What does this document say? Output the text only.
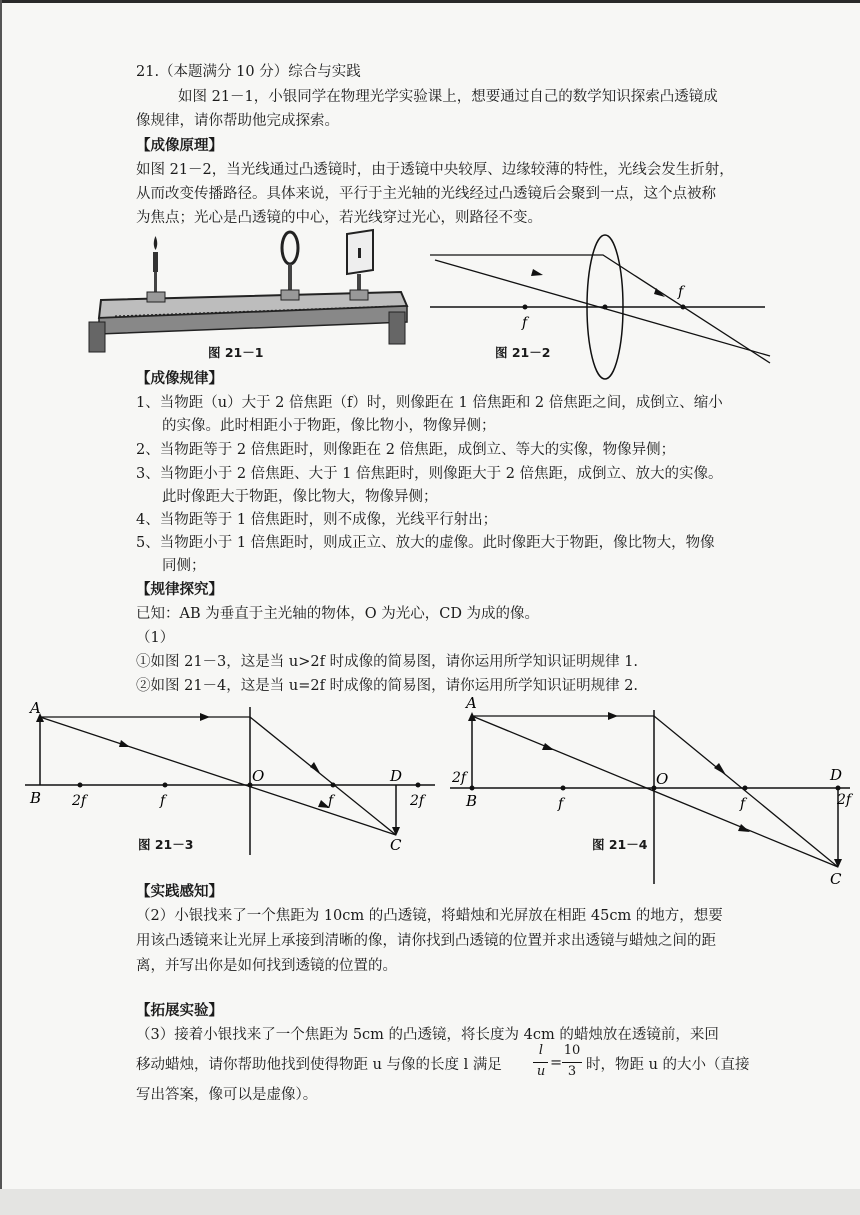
21.（本题满分 10 分）综合与实践
如图 21－1，小银同学在物理光学实验课上，想要通过自己的数学知识探索凸透镜成
像规律，请你帮助他完成探索。
【成像原理】
如图 21－2，当光线通过凸透镜时，由于透镜中央较厚、边缘较薄的特性，光线会发生折射，
从而改变传播路径。具体来说，平行于主光轴的光线经过凸透镜后会聚到一点，这个点被称
为焦点；光心是凸透镜的中心，若光线穿过光心，则路径不变。
图 21－1
f
f
图 21－2
【成像规律】
1、当物距（u）大于 2 倍焦距（f）时，则像距在 1 倍焦距和 2 倍焦距之间，成倒立、缩小
的实像。此时相距小于物距，像比物小，物像异侧；
2、当物距等于 2 倍焦距时，则像距在 2 倍焦距，成倒立、等大的实像，物像异侧；
3、当物距小于 2 倍焦距、大于 1 倍焦距时，则像距大于 2 倍焦距，成倒立、放大的实像。
此时像距大于物距，像比物大，物像异侧；
4、当物距等于 1 倍焦距时，则不成像，光线平行射出；
5、当物距小于 1 倍焦距时，则成正立、放大的虚像。此时像距大于物距，像比物大，物像
同侧；
【规律探究】
已知：AB 为垂直于主光轴的物体，O 为光心，CD 为成的像。
（1）
①如图 21－3，这是当 u>2f 时成像的简易图，请你运用所学知识证明规律 1.
②如图 21－4，这是当 u=2f 时成像的简易图，请你运用所学知识证明规律 2.
A
B 2f	f
O
f
D
2f
C
图 21－3
A
2f
B	f
O
f
D
2f
C
图 21－4
【实践感知】
（2）小银找来了一个焦距为 10cm 的凸透镜，将蜡烛和光屏放在相距 45cm 的地方，想要
用该凸透镜来让光屏上承接到清晰的像，请你找到凸透镜的位置并求出透镜与蜡烛之间的距
离，并写出你是如何找到透镜的位置的。
【拓展实验】
（3）接着小银找来了一个焦距为 5cm 的凸透镜，将长度为 4cm 的蜡烛放在透镜前，来回
移动蜡烛，请你帮助他找到使得物距 u 与像的长度 l 满足
l
u
=
10
3 时，物距 u 的大小（直接
写出答案，像可以是虚像）。
